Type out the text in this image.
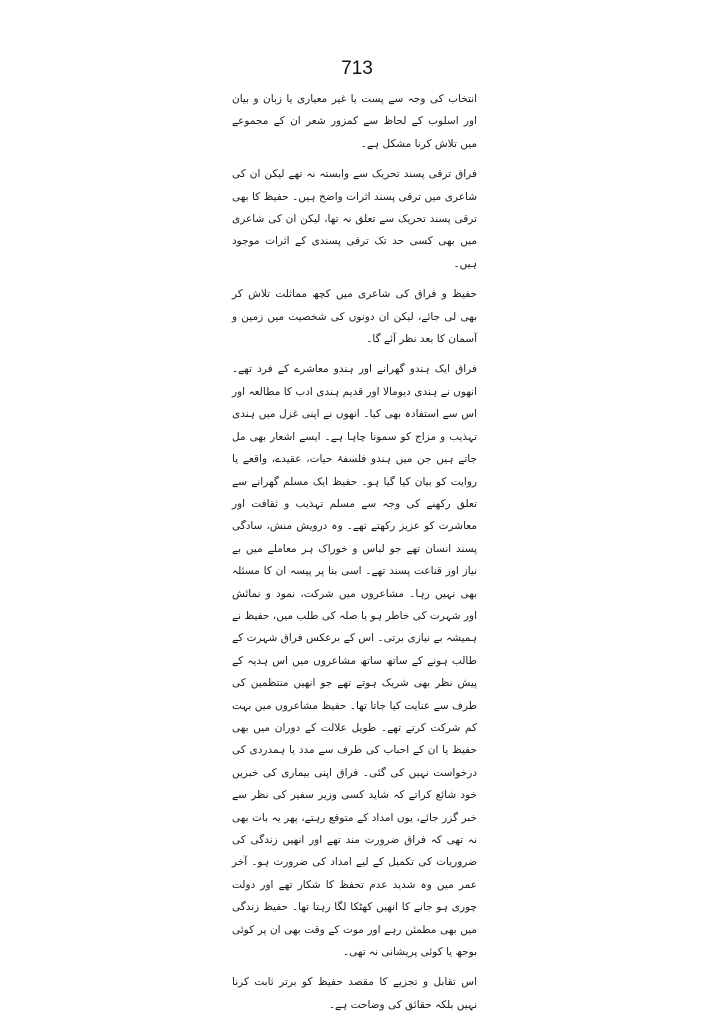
713

انتخاب کی وجہ سے پست یا غیر معیاری یا زبان و بیان اور اسلوب کے لحاظ سے کمزور شعر ان کے مجموعے میں تلاش کرنا مشکل ہے۔

فراق ترقی پسند تحریک سے وابستہ نہ تھے لیکن ان کی شاعری میں ترقی پسند اثرات واضح ہیں۔ حفیظ کا بھی ترقی پسند تحریک سے تعلق نہ تھا، لیکن ان کی شاعری میں بھی کسی حد تک ترقی پسندی کے اثرات موجود ہیں۔

حفیظ و فراق کی شاعری میں کچھ مماثلت تلاش کر بھی لی جائے، لیکن ان دونوں کی شخصیت میں زمین و آسمان کا بعد نظر آئے گا۔

فراق ایک ہندو گھرانے اور ہندو معاشرے کے فرد تھے۔ انھوں نے ہندی دیومالا اور قدیم ہندی ادب کا مطالعہ اور اس سے استفادہ بھی کیا۔ انھوں نے اپنی غزل میں ہندی تہذیب و مزاج کو سمونا چاہا ہے۔ ایسے اشعار بھی مل جاتے ہیں جن میں ہندو فلسفۂ حیات، عقیدے، واقعے یا روایت کو بیان کیا گیا ہو۔ حفیظ ایک مسلم گھرانے سے تعلق رکھنے کی وجہ سے مسلم تہذیب و ثقافت اور معاشرت کو عزیز رکھتے تھے۔ وہ درویش منش، سادگی پسند انسان تھے جو لباس و خوراک ہر معاملے میں بے نیاز اور قناعت پسند تھے۔ اسی بنا پر پیسہ ان کا مسئلہ بھی نہیں رہا۔ مشاعروں میں شرکت، نمود و نمائش اور شہرت کی خاطر ہو یا صلہ کی طلب میں، حفیظ نے ہمیشہ بے نیازی برتی۔ اس کے برعکس فراق شہرت کے طالب ہونے کے ساتھ ساتھ مشاعروں میں اس ہدیہ کے پیش نظر بھی شریک ہوتے تھے جو انھیں منتظمین کی طرف سے عنایت کیا جاتا تھا۔ حفیظ مشاعروں میں بہت کم شرکت کرتے تھے۔ طویل علالت کے دوران میں بھی حفیظ یا ان کے احباب کی طرف سے مدد یا ہمدردی کی درخواست نہیں کی گئی۔ فراق اپنی بیماری کی خبریں خود شائع کراتے کہ شاید کسی وزیر سفیر کی نظر سے خبر گزر جائے، یوں امداد کے متوقع رہتے، پھر یہ بات بھی نہ تھی کہ فراق ضرورت مند تھے اور انھیں زندگی کی ضروریات کی تکمیل کے لیے امداد کی ضرورت ہو۔ آخر عمر میں وہ شدید عدم تحفظ کا شکار تھے اور دولت چوری ہو جانے کا انھیں کھٹکا لگا رہتا تھا۔ حفیظ زندگی میں بھی مطمئن رہے اور موت کے وقت بھی ان پر کوئی بوجھ یا کوئی پریشانی نہ تھی۔

اس تقابل و تجزیے کا مقصد حفیظ کو برتر ثابت کرنا نہیں بلکہ حقائق کی وضاحت ہے۔
